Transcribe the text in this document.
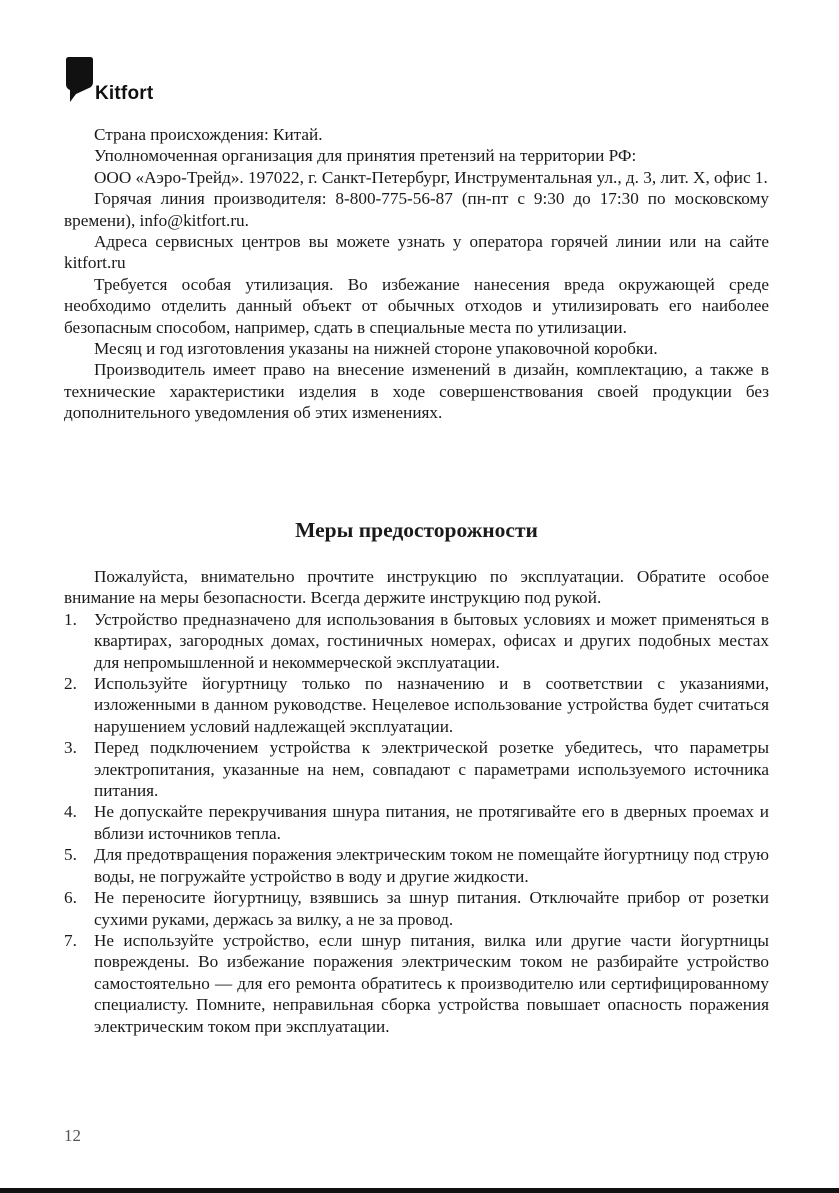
Kitfort

Страна происхождения: Китай.

Уполномоченная организация для принятия претензий на территории РФ:

ООО «Аэро-Трейд». 197022, г. Санкт-Петербург, Инструментальная ул., д. 3, лит. Х, офис 1.

Горячая линия производителя: 8-800-775-56-87 (пн-пт с 9:30 до 17:30 по московскому времени), info@kitfort.ru.

Адреса сервисных центров вы можете узнать у оператора горячей линии или на сайте kitfort.ru

Требуется особая утилизация. Во избежание нанесения вреда окружающей среде необходимо отделить данный объект от обычных отходов и утилизировать его наиболее безопасным способом, например, сдать в специальные места по утилизации.

Месяц и год изготовления указаны на нижней стороне упаковочной коробки.

Производитель имеет право на внесение изменений в дизайн, комплектацию, а также в технические характеристики изделия в ходе совершенствования своей продукции без дополнительного уведомления об этих изменениях.

Меры предосторожности

Пожалуйста, внимательно прочтите инструкцию по эксплуатации. Обратите особое внимание на меры безопасности. Всегда держите инструкцию под рукой.

1. Устройство предназначено для использования в бытовых условиях и может применяться в квартирах, загородных домах, гостиничных номерах, офисах и других подобных местах для непромышленной и некоммерческой эксплуатации.
2. Используйте йогуртницу только по назначению и в соответствии с указаниями, изложенными в данном руководстве. Нецелевое использование устройства будет считаться нарушением условий надлежащей эксплуатации.
3. Перед подключением устройства к электрической розетке убедитесь, что параметры электропитания, указанные на нем, совпадают с параметрами используемого источника питания.
4. Не допускайте перекручивания шнура питания, не протягивайте его в дверных проемах и вблизи источников тепла.
5. Для предотвращения поражения электрическим током не помещайте йогуртницу под струю воды, не погружайте устройство в воду и другие жидкости.
6. Не переносите йогуртницу, взявшись за шнур питания. Отключайте прибор от розетки сухими руками, держась за вилку, а не за провод.
7. Не используйте устройство, если шнур питания, вилка или другие части йогуртницы повреждены. Во избежание поражения электрическим током не разбирайте устройство самостоятельно — для его ремонта обратитесь к производителю или сертифицированному специалисту. Помните, неправильная сборка устройства повышает опасность поражения электрическим током при эксплуатации.
12
